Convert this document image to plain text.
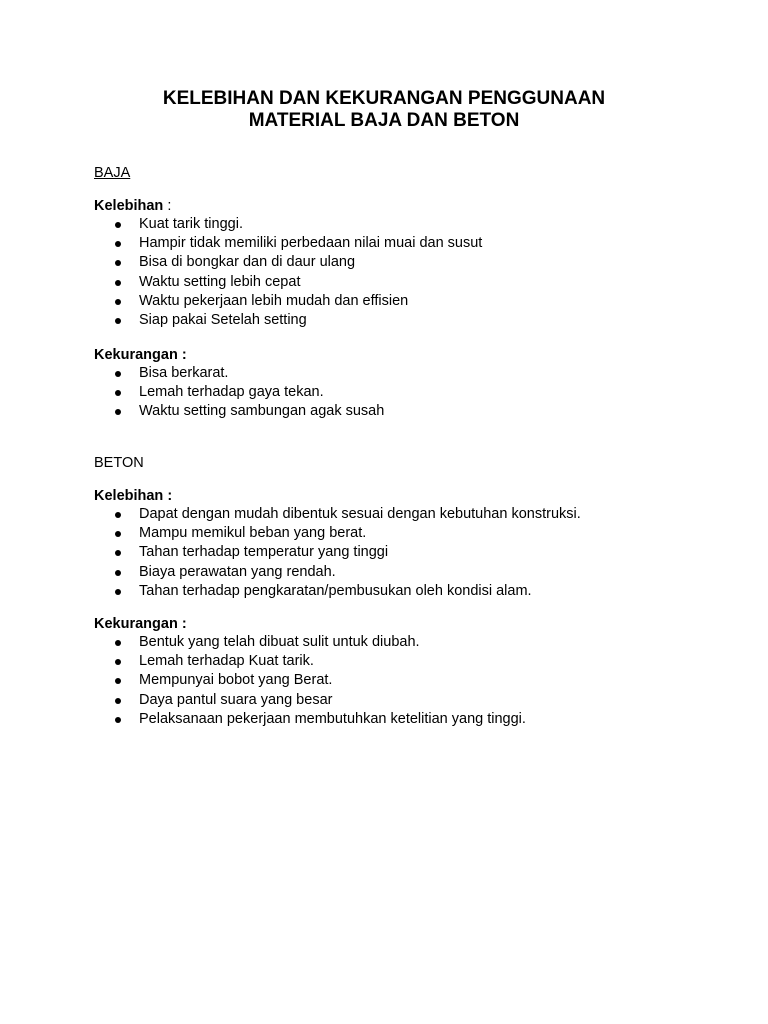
KELEBIHAN DAN KEKURANGAN PENGGUNAAN
MATERIAL BAJA DAN BETON
BAJA
Kelebihan :
Kuat tarik tinggi.
Hampir tidak memiliki perbedaan nilai muai dan susut
Bisa di bongkar dan di daur ulang
Waktu setting lebih cepat
Waktu pekerjaan lebih mudah dan effisien
Siap pakai Setelah setting
Kekurangan :
Bisa berkarat.
Lemah terhadap gaya tekan.
Waktu setting sambungan agak susah
BETON
Kelebihan :
Dapat dengan mudah dibentuk sesuai dengan kebutuhan konstruksi.
Mampu memikul beban yang berat.
Tahan terhadap temperatur yang tinggi
Biaya perawatan yang rendah.
Tahan terhadap pengkaratan/pembusukan oleh kondisi alam.
Kekurangan :
Bentuk yang telah dibuat sulit untuk diubah.
Lemah terhadap Kuat tarik.
Mempunyai bobot yang Berat.
Daya pantul suara yang besar
Pelaksanaan pekerjaan membutuhkan ketelitian yang tinggi.
